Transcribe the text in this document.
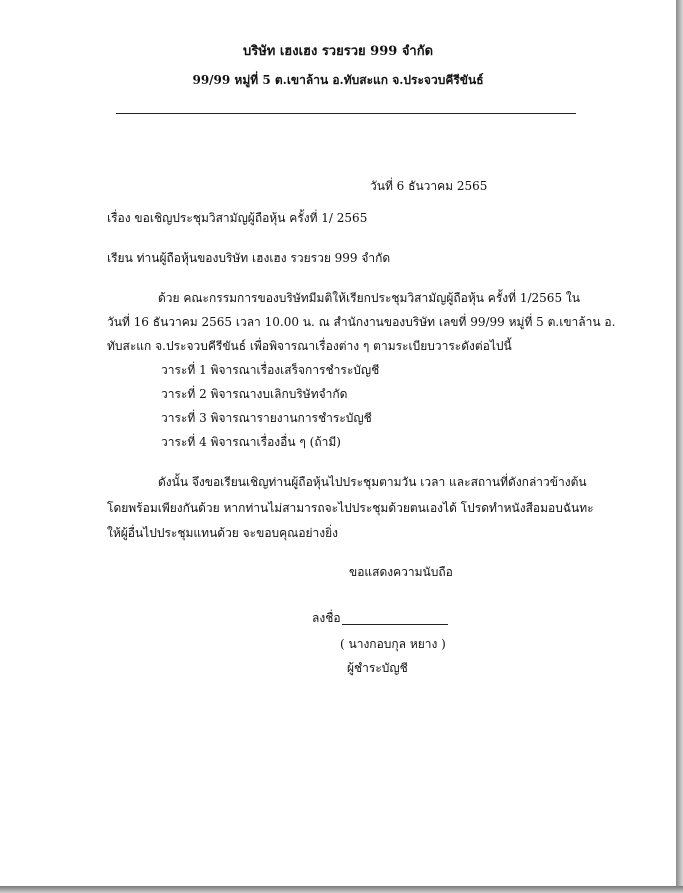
บริษัท เฮงเฮง รวยรวย 999 จำกัด
99/99 หมู่ที่ 5 ต.เขาล้าน อ.ทับสะแก จ.ประจวบคีรีขันธ์
วันที่ 6 ธันวาคม 2565
เรื่อง ขอเชิญประชุมวิสามัญผู้ถือหุ้น ครั้งที่ 1/ 2565
เรียน ท่านผู้ถือหุ้นของบริษัท เฮงเฮง รวยรวย 999 จำกัด
ด้วย คณะกรรมการของบริษัทมีมติให้เรียกประชุมวิสามัญผู้ถือหุ้น ครั้งที่ 1/2565 ใน
วันที่ 16 ธันวาคม 2565 เวลา 10.00 น. ณ สำนักงานของบริษัท เลขที่ 99/99 หมู่ที่ 5 ต.เขาล้าน อ.
ทับสะแก จ.ประจวบคีรีขันธ์ เพื่อพิจารณาเรื่องต่าง ๆ ตามระเบียบวาระดังต่อไปนี้
วาระที่ 1 พิจารณาเรื่องเสร็จการชำระบัญชี
วาระที่ 2 พิจารณางบเลิกบริษัทจำกัด
วาระที่ 3 พิจารณารายงานการชำระบัญชี
วาระที่ 4 พิจารณาเรื่องอื่น ๆ (ถ้ามี)
ดังนั้น จึงขอเรียนเชิญท่านผู้ถือหุ้นไปประชุมตามวัน เวลา และสถานที่ดังกล่าวข้างต้น
โดยพร้อมเพียงกันด้วย หากท่านไม่สามารถจะไปประชุมด้วยตนเองได้ โปรดทำหนังสือมอบฉันทะ
ให้ผู้อื่นไปประชุมแทนด้วย จะขอบคุณอย่างยิ่ง
ขอแสดงความนับถือ
ลงชื่อ
( นางกอบกุล หยาง )
ผู้ชำระบัญชี
